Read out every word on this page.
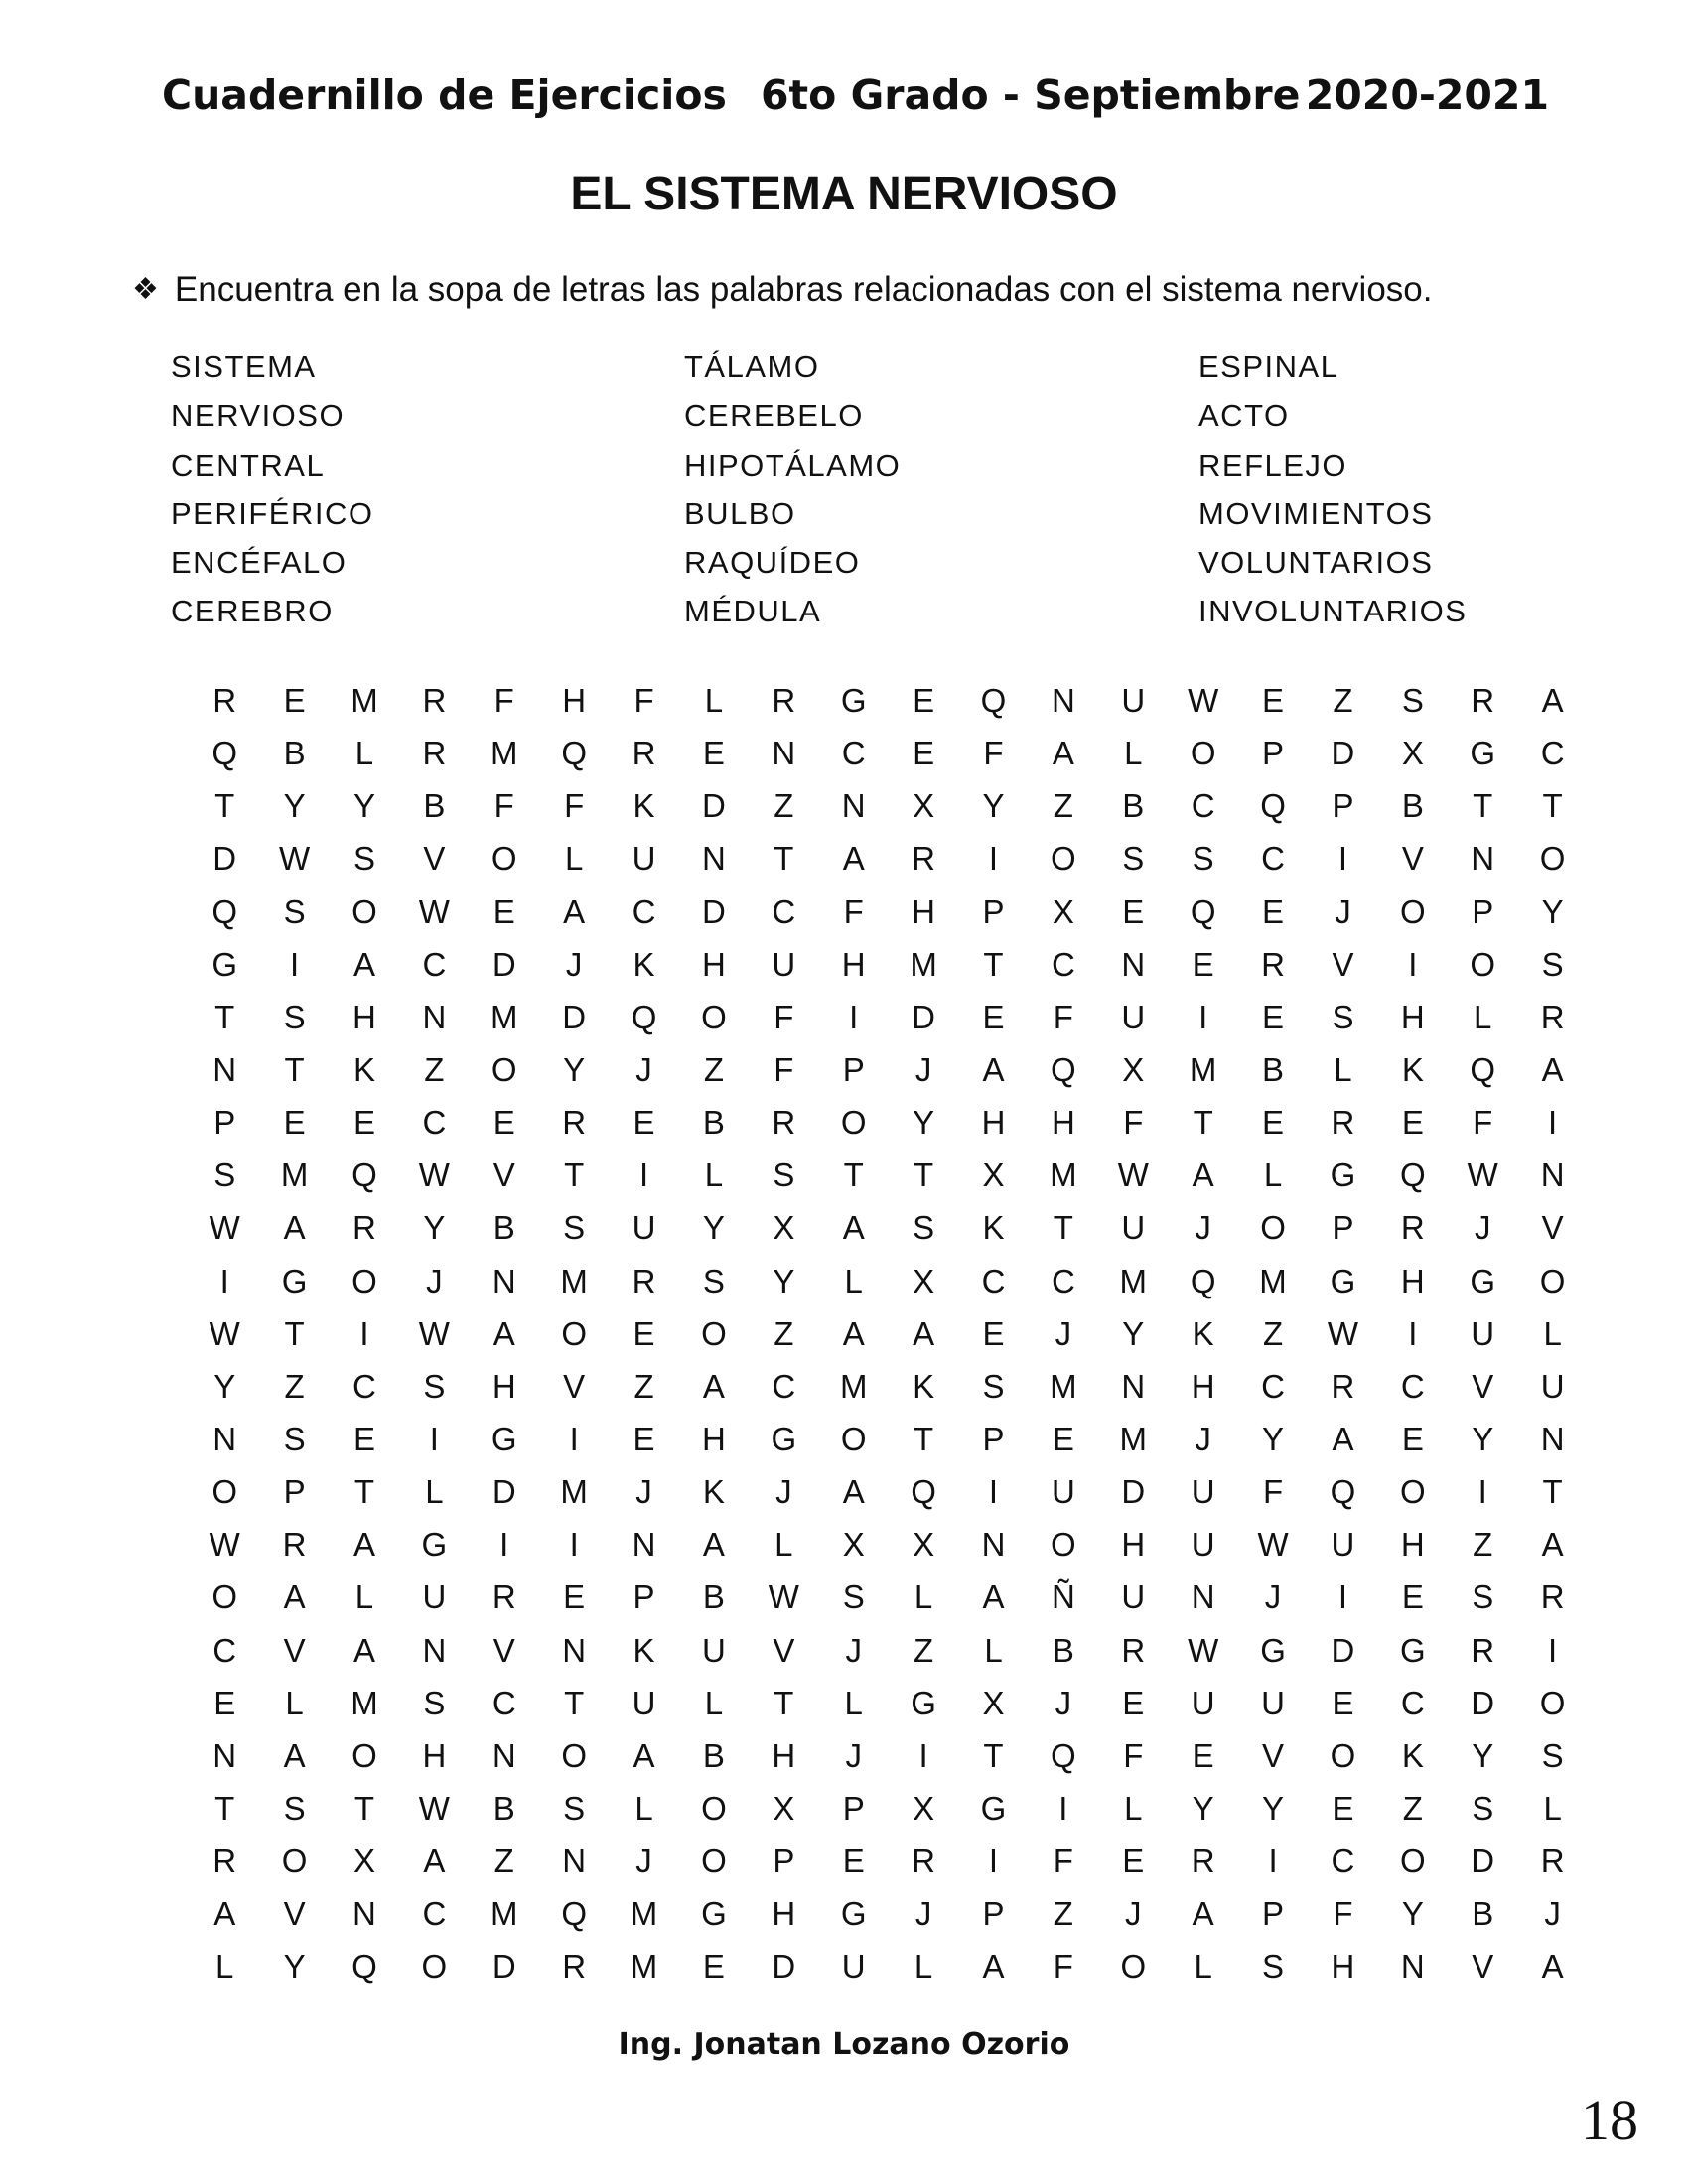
Cuadernillo de Ejercicios 6to Grado - Septiembre 2020-2021
EL SISTEMA NERVIOSO
❖ Encuentra en la sopa de letras las palabras relacionadas con el sistema nervioso.
SISTEMA
NERVIOSO
CENTRAL
PERIFÉRICO
ENCÉFALO
CEREBRO
TÁLAMO
CEREBELO
HIPOTÁLAMO
BULBO
RAQUÍDEO
MÉDULA
ESPINAL
ACTO
REFLEJO
MOVIMIENTOS
VOLUNTARIOS
INVOLUNTARIOS
R	E	M	R	F	H	F	L	R	G	E	Q	N	U	W	E	Z	S	R	A
Q	B	L	R	M	Q	R	E	N	C	E	F	A	L	O	P	D	X	G	C
T	Y	Y	B	F	F	K	D	Z	N	X	Y	Z	B	C	Q	P	B	T	T
D	W	S	V	O	L	U	N	T	A	R	I	O	S	S	C	I	V	N	O
Q	S	O	W	E	A	C	D	C	F	H	P	X	E	Q	E	J	O	P	Y
G	I	A	C	D	J	K	H	U	H	M	T	C	N	E	R	V	I	O	S
T	S	H	N	M	D	Q	O	F	I	D	E	F	U	I	E	S	H	L	R
N	T	K	Z	O	Y	J	Z	F	P	J	A	Q	X	M	B	L	K	Q	A
P	E	E	C	E	R	E	B	R	O	Y	H	H	F	T	E	R	E	F	I
S	M	Q	W	V	T	I	L	S	T	T	X	M	W	A	L	G	Q	W	N
W	A	R	Y	B	S	U	Y	X	A	S	K	T	U	J	O	P	R	J	V
I	G	O	J	N	M	R	S	Y	L	X	C	C	M	Q	M	G	H	G	O
W	T	I	W	A	O	E	O	Z	A	A	E	J	Y	K	Z	W	I	U	L
Y	Z	C	S	H	V	Z	A	C	M	K	S	M	N	H	C	R	C	V	U
N	S	E	I	G	I	E	H	G	O	T	P	E	M	J	Y	A	E	Y	N
O	P	T	L	D	M	J	K	J	A	Q	I	U	D	U	F	Q	O	I	T
W	R	A	G	I	I	N	A	L	X	X	N	O	H	U	W	U	H	Z	A
O	A	L	U	R	E	P	B	W	S	L	A	Ñ	U	N	J	I	E	S	R
C	V	A	N	V	N	K	U	V	J	Z	L	B	R	W	G	D	G	R	I
E	L	M	S	C	T	U	L	T	L	G	X	J	E	U	U	E	C	D	O
N	A	O	H	N	O	A	B	H	J	I	T	Q	F	E	V	O	K	Y	S
T	S	T	W	B	S	L	O	X	P	X	G	I	L	Y	Y	E	Z	S	L
R	O	X	A	Z	N	J	O	P	E	R	I	F	E	R	I	C	O	D	R
A	V	N	C	M	Q	M	G	H	G	J	P	Z	J	A	P	F	Y	B	J
L	Y	Q	O	D	R	M	E	D	U	L	A	F	O	L	S	H	N	V	A
Ing. Jonatan Lozano Ozorio
18
